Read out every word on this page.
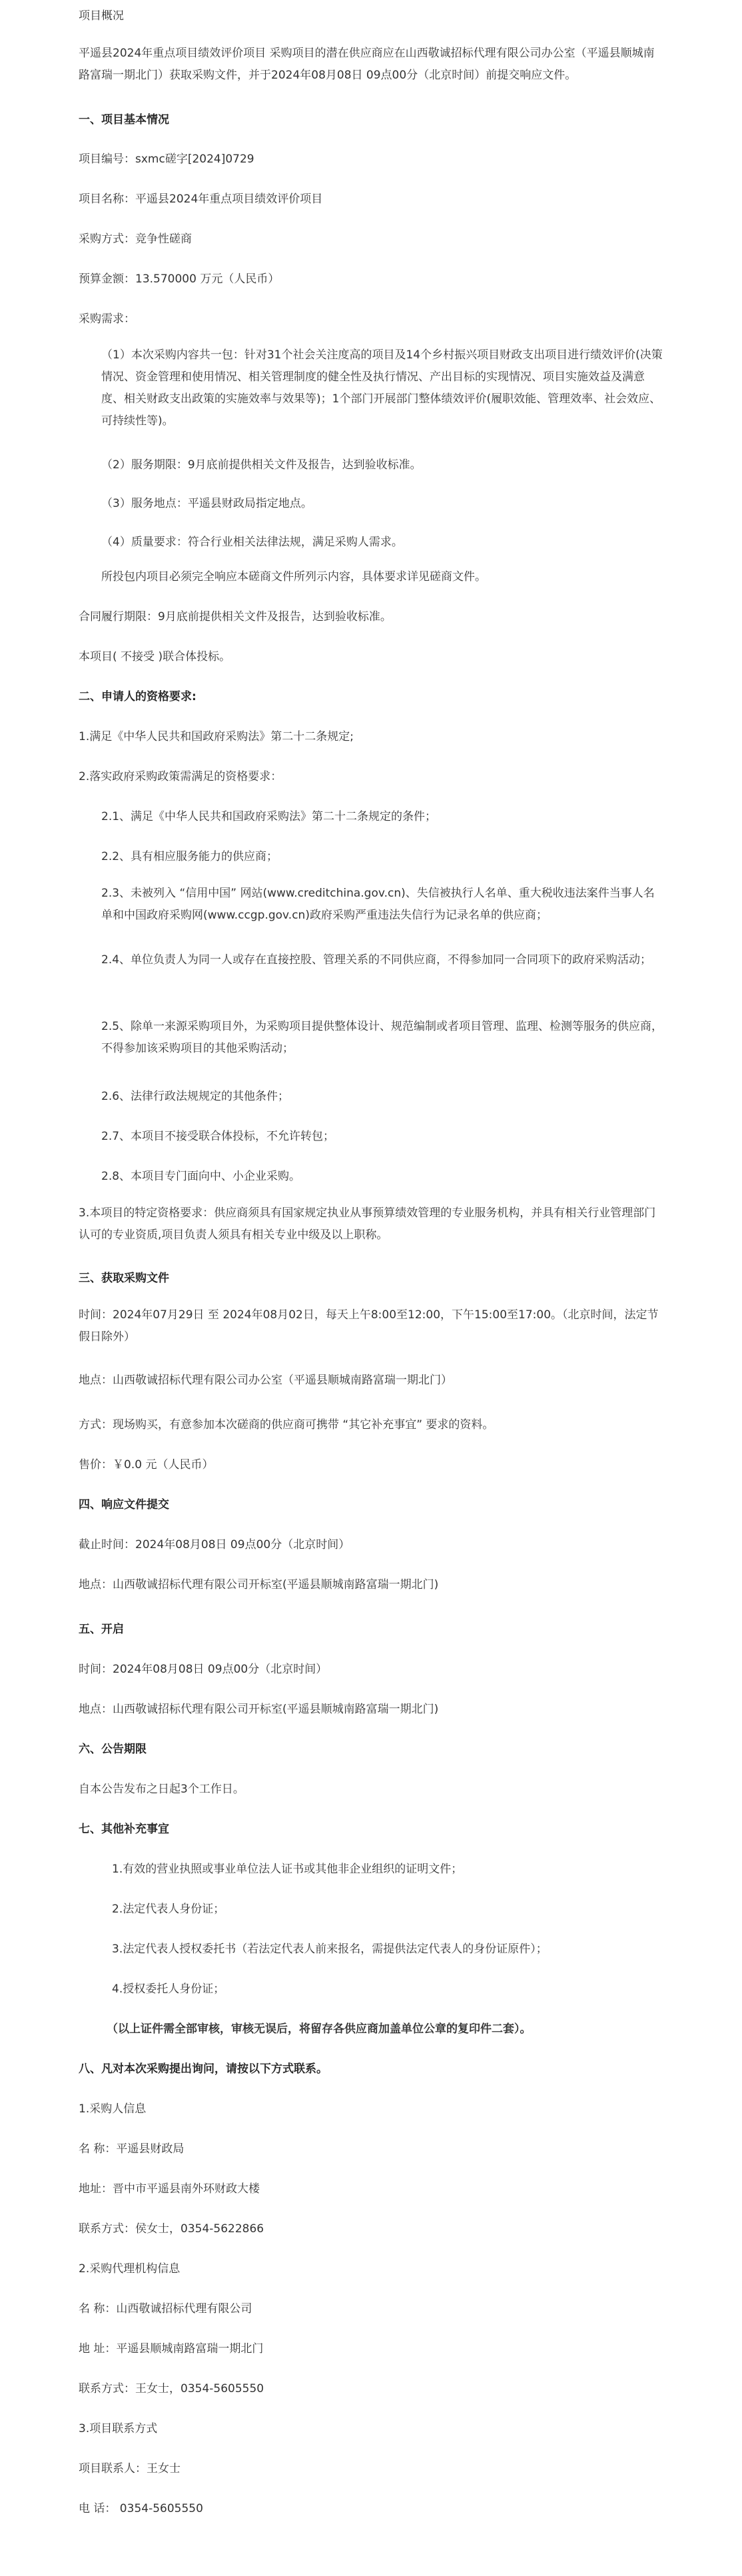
项目概况
平遥县2024年重点项目绩效评价项目 采购项目的潜在供应商应在山西敬诚招标代理有限公司办公室（平遥县顺城南路富瑞一期北门）获取采购文件，并于2024年08月08日 09点00分（北京时间）前提交响应文件。
一、项目基本情况
项目编号：sxmc磋字[2024]0729
项目名称：平遥县2024年重点项目绩效评价项目
采购方式：竞争性磋商
预算金额：13.570000 万元（人民币）
采购需求：
（1）本次采购内容共一包：针对31个社会关注度高的项目及14个乡村振兴项目财政支出项目进行绩效评价(决策情况、资金管理和使用情况、相关管理制度的健全性及执行情况、产出目标的实现情况、项目实施效益及满意度、相关财政支出政策的实施效率与效果等)；1个部门开展部门整体绩效评价(履职效能、管理效率、社会效应、可持续性等)。
（2）服务期限：9月底前提供相关文件及报告，达到验收标准。
（3）服务地点：平遥县财政局指定地点。
（4）质量要求：符合行业相关法律法规，满足采购人需求。
所投包内项目必须完全响应本磋商文件所列示内容，具体要求详见磋商文件。
合同履行期限：9月底前提供相关文件及报告，达到验收标准。
本项目( 不接受 )联合体投标。
二、申请人的资格要求:
1.满足《中华人民共和国政府采购法》第二十二条规定;
2.落实政府采购政策需满足的资格要求：
2.1、满足《中华人民共和国政府采购法》第二十二条规定的条件；
2.2、具有相应服务能力的供应商；
2.3、未被列入 “信用中国” 网站(www.creditchina.gov.cn)、失信被执行人名单、重大税收违法案件当事人名单和中国政府采购网(www.ccgp.gov.cn)政府采购严重违法失信行为记录名单的供应商；
2.4、单位负责人为同一人或存在直接控股、管理关系的不同供应商，不得参加同一合同项下的政府采购活动；
2.5、除单一来源采购项目外，为采购项目提供整体设计、规范编制或者项目管理、监理、检测等服务的供应商，不得参加该采购项目的其他采购活动；
2.6、法律行政法规规定的其他条件；
2.7、本项目不接受联合体投标，不允许转包；
2.8、本项目专门面向中、小企业采购。
3.本项目的特定资格要求：供应商须具有国家规定执业从事预算绩效管理的专业服务机构，并具有相关行业管理部门认可的专业资质,项目负责人须具有相关专业中级及以上职称。
三、获取采购文件
时间：2024年07月29日 至 2024年08月02日，每天上午8:00至12:00，下午15:00至17:00。（北京时间，法定节假日除外）
地点：山西敬诚招标代理有限公司办公室（平遥县顺城南路富瑞一期北门）
方式：现场购买，有意参加本次磋商的供应商可携带 “其它补充事宜” 要求的资料。
售价：￥0.0 元（人民币）
四、响应文件提交
截止时间：2024年08月08日 09点00分（北京时间）
地点：山西敬诚招标代理有限公司开标室(平遥县顺城南路富瑞一期北门)
五、开启
时间：2024年08月08日 09点00分（北京时间）
地点：山西敬诚招标代理有限公司开标室(平遥县顺城南路富瑞一期北门)
六、公告期限
自本公告发布之日起3个工作日。
七、其他补充事宜
1.有效的营业执照或事业单位法人证书或其他非企业组织的证明文件；
2.法定代表人身份证；
3.法定代表人授权委托书（若法定代表人前来报名，需提供法定代表人的身份证原件）；
4.授权委托人身份证；
（以上证件需全部审核，审核无误后，将留存各供应商加盖单位公章的复印件二套）。
八、凡对本次采购提出询问，请按以下方式联系。
1.采购人信息
名 称：平遥县财政局
地址：晋中市平遥县南外环财政大楼
联系方式：侯女士，0354-5622866
2.采购代理机构信息
名 称：山西敬诚招标代理有限公司
地 址：平遥县顺城南路富瑞一期北门
联系方式：王女士，0354-5605550
3.项目联系方式
项目联系人：王女士
电 话： 0354-5605550
